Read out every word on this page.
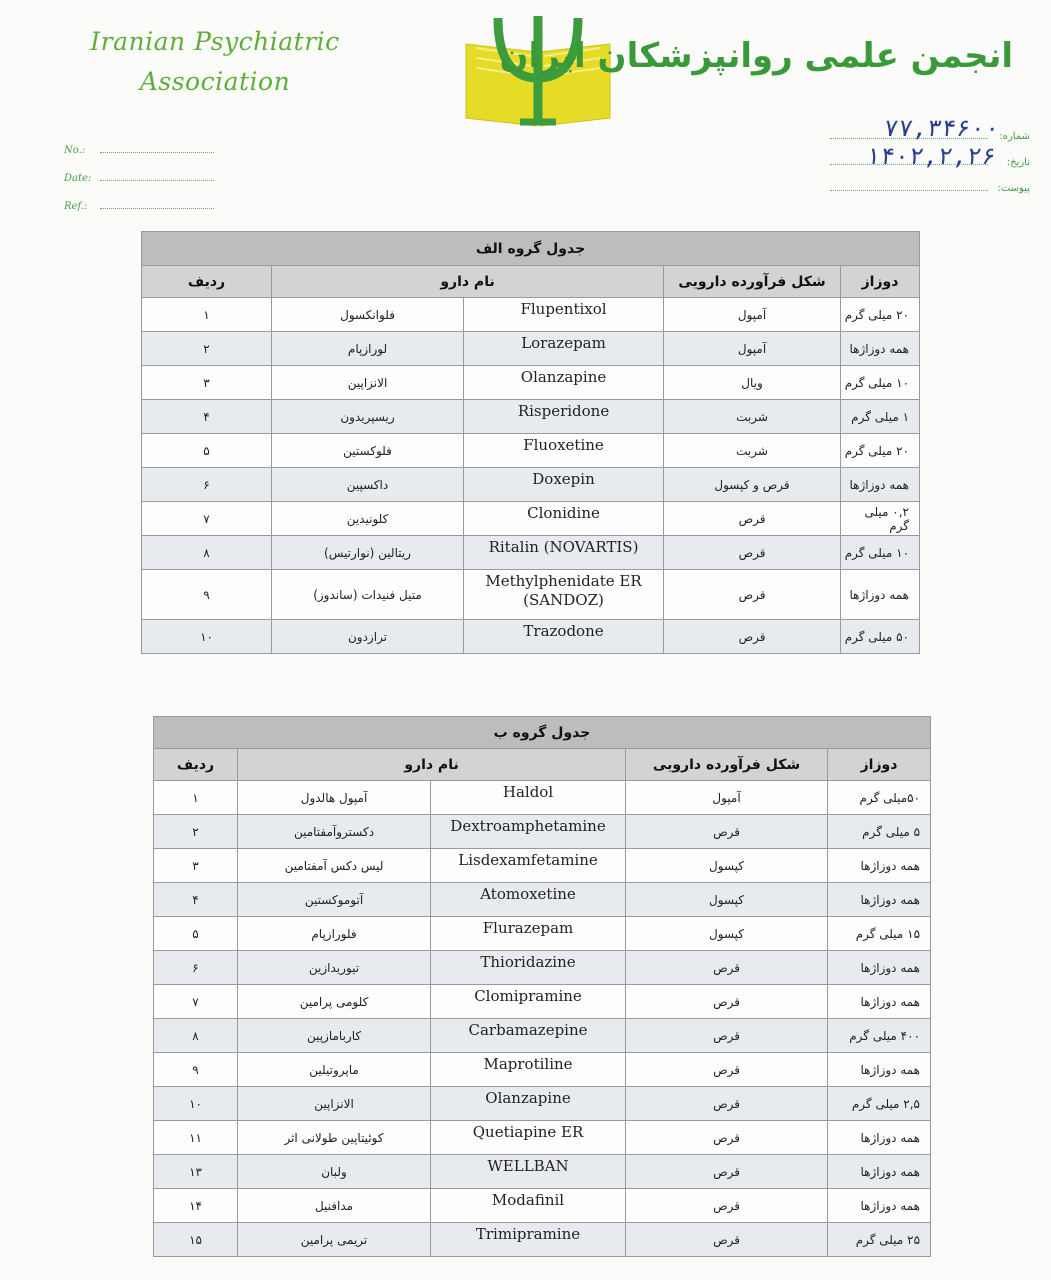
Iranian Psychiatric
Association
انجمن علمی روانپزشکان ایران
No.:
Date:
Ref.:
شماره:
تاریخ:
پیوست:
۷۷,۳۴۶۰۰
۱۴۰۲,۲,۲۶
جدول گروه الف				
دوزاز	شکل فرآورده دارویی	نام دارو		ردیف
۲۰ میلی گرم	آمپول	Flupentixol	فلوانکسول	۱
همه دوزاژها	آمپول	Lorazepam	لورازپام	۲
۱۰ میلی گرم	ویال	Olanzapine	الانزاپین	۳
۱ میلی گرم	شربت	Risperidone	ریسپریدون	۴
۲۰ میلی گرم	شربت	Fluoxetine	فلوکستین	۵
همه دوزاژها	قرص و کپسول	Doxepin	داکسپین	۶
۰,۲ میلی گرم	قرص	Clonidine	کلونیدین	۷
۱۰ میلی گرم	قرص	Ritalin (NOVARTIS)	ریتالین (نوارتیس)	۸
همه دوزاژها	قرص	Methylphenidate ER (SANDOZ)	متیل فنیدات (ساندوز)	۹
۵۰ میلی گرم	قرص	Trazodone	ترازدون	۱۰
جدول گروه ب				
دوزاز	شکل فرآورده دارویی	نام دارو		ردیف
۵۰میلی گرم	آمپول	Haldol	آمپول هالدول	۱
۵ میلی گرم	قرص	Dextroamphetamine	دکستروآمفتامین	۲
همه دوزاژها	کپسول	Lisdexamfetamine	لیس دکس آمفتامین	۳
همه دوزاژها	کپسول	Atomoxetine	آتوموکستین	۴
۱۵ میلی گرم	کپسول	Flurazepam	فلورازپام	۵
همه دوزاژها	قرص	Thioridazine	تیوریدازین	۶
همه دوزاژها	قرص	Clomipramine	کلومی پرامین	۷
۴۰۰ میلی گرم	قرص	Carbamazepine	کاربامازپین	۸
همه دوزاژها	قرص	Maprotiline	ماپروتیلین	۹
۲,۵ میلی گرم	قرص	Olanzapine	الانزاپین	۱۰
همه دوزاژها	قرص	Quetiapine ER	کوئیتاپین طولانی اثر	۱۱
همه دوزاژها	قرص	WELLBAN	ولبان	۱۳
همه دوزاژها	قرص	Modafinil	مدافنیل	۱۴
۲۵ میلی گرم	قرص	Trimipramine	تریمی پرامین	۱۵
